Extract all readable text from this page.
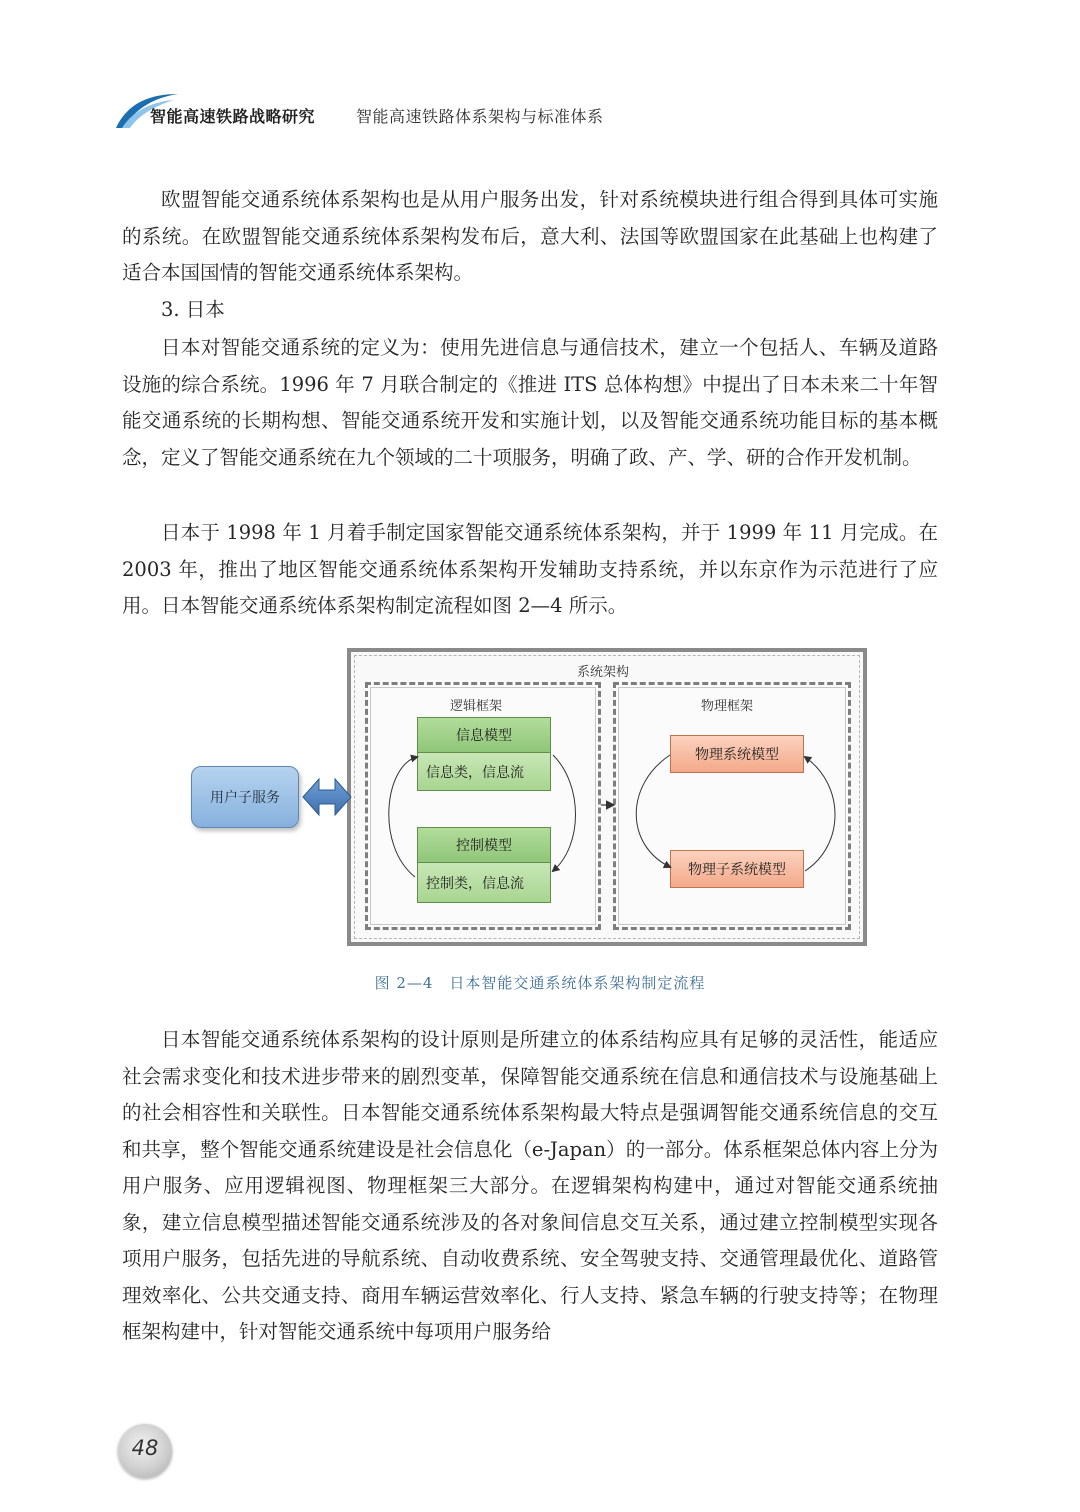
智能高速铁路战略研究	智能高速铁路体系架构与标准体系

欧盟智能交通系统体系架构也是从用户服务出发，针对系统模块进行组合得到具体可实施的系统。在欧盟智能交通系统体系架构发布后，意大利、法国等欧盟国家在此基础上也构建了适合本国国情的智能交通系统体系架构。

3. 日本

日本对智能交通系统的定义为：使用先进信息与通信技术，建立一个包括人、车辆及道路设施的综合系统。1996 年 7 月联合制定的《推进 ITS 总体构想》中提出了日本未来二十年智能交通系统的长期构想、智能交通系统开发和实施计划，以及智能交通系统功能目标的基本概念，定义了智能交通系统在九个领域的二十项服务，明确了政、产、学、研的合作开发机制。

日本于 1998 年 1 月着手制定国家智能交通系统体系架构，并于 1999 年 11 月完成。在 2003 年，推出了地区智能交通系统体系架构开发辅助支持系统，并以东京作为示范进行了应用。日本智能交通系统体系架构制定流程如图 2—4 所示。

系统架构
逻辑框架
信息模型
信息类，信息流
控制模型
控制类，信息流
物理框架
物理系统模型
物理子系统模型
用户子服务
图 2—4　日本智能交通系统体系架构制定流程

日本智能交通系统体系架构的设计原则是所建立的体系结构应具有足够的灵活性，能适应社会需求变化和技术进步带来的剧烈变革，保障智能交通系统在信息和通信技术与设施基础上的社会相容性和关联性。日本智能交通系统体系架构最大特点是强调智能交通系统信息的交互和共享，整个智能交通系统建设是社会信息化（e-Japan）的一部分。体系框架总体内容上分为用户服务、应用逻辑视图、物理框架三大部分。在逻辑架构构建中，通过对智能交通系统抽象，建立信息模型描述智能交通系统涉及的各对象间信息交互关系，通过建立控制模型实现各项用户服务，包括先进的导航系统、自动收费系统、安全驾驶支持、交通管理最优化、道路管理效率化、公共交通支持、商用车辆运营效率化、行人支持、紧急车辆的行驶支持等；在物理框架构建中，针对智能交通系统中每项用户服务给

48
